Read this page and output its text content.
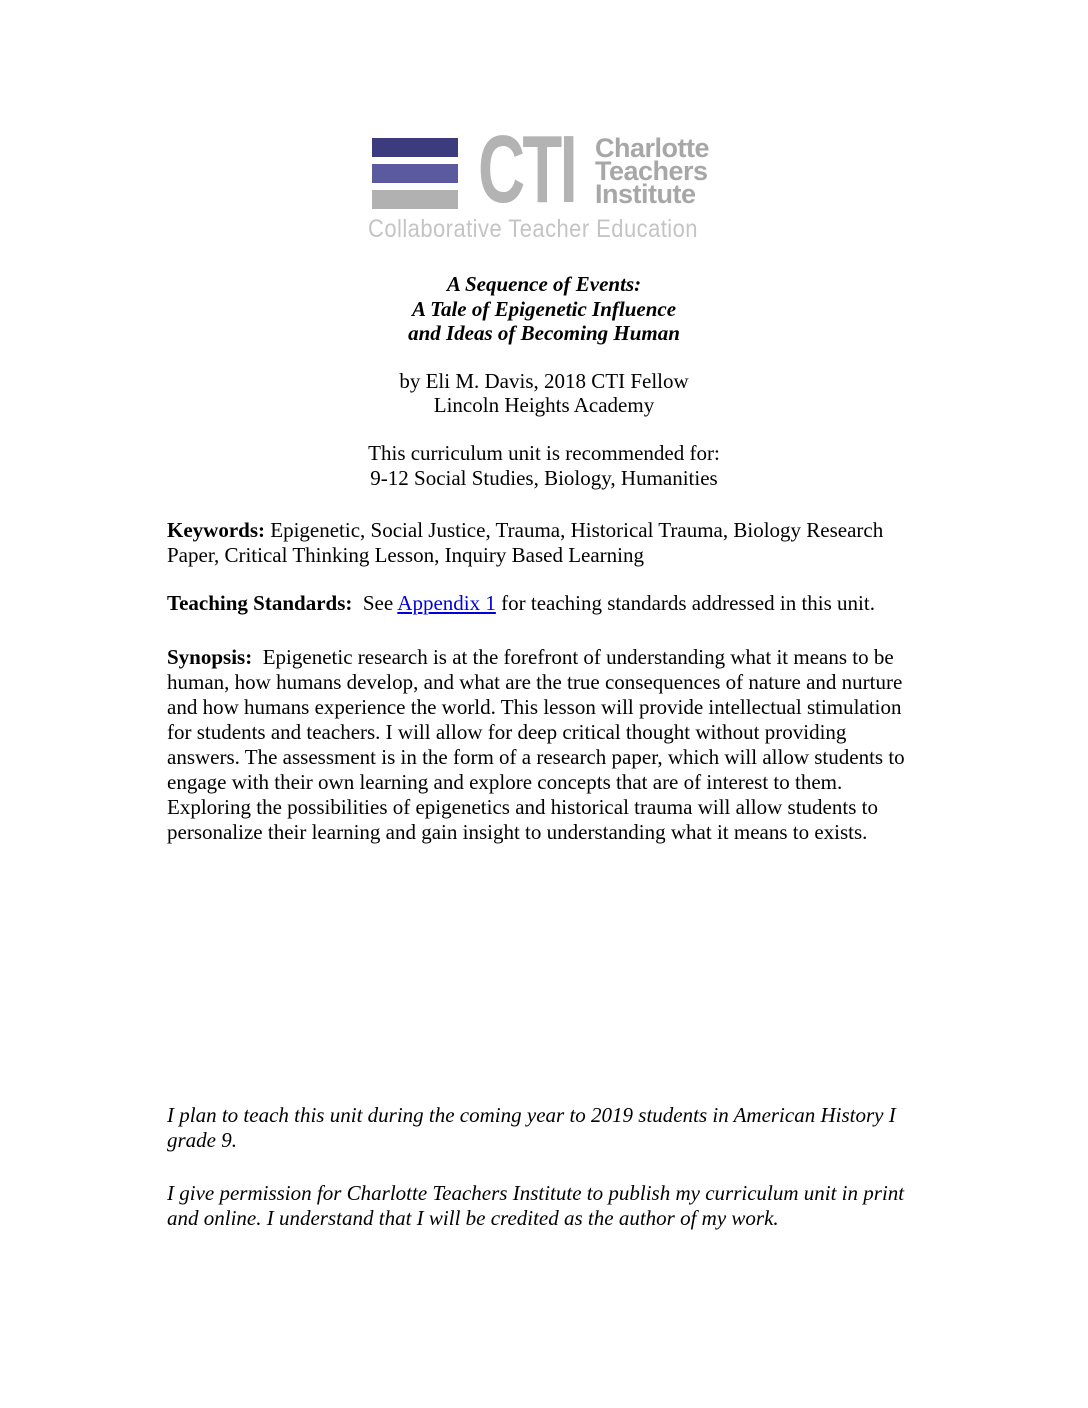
CTI Charlotte
Teachers
Institute
Collaborative Teacher Education
A Sequence of Events:
A Tale of Epigenetic Influence
and Ideas of Becoming Human
by Eli M. Davis, 2018 CTI Fellow
Lincoln Heights Academy
This curriculum unit is recommended for:
9-12 Social Studies, Biology, Humanities

Keywords: Epigenetic, Social Justice, Trauma, Historical Trauma, Biology Research Paper, Critical Thinking Lesson, Inquiry Based Learning

Teaching Standards:  See Appendix 1 for teaching standards addressed in this unit.

Synopsis:  Epigenetic research is at the forefront of understanding what it means to be human, how humans develop, and what are the true consequences of nature and nurture and how humans experience the world. This lesson will provide intellectual stimulation for students and teachers. I will allow for deep critical thought without providing answers. The assessment is in the form of a research paper, which will allow students to engage with their own learning and explore concepts that are of interest to them. Exploring the possibilities of epigenetics and historical trauma will allow students to personalize their learning and gain insight to understanding what it means to exists.

I plan to teach this unit during the coming year to 2019 students in American History I grade 9.

I give permission for Charlotte Teachers Institute to publish my curriculum unit in print and online. I understand that I will be credited as the author of my work.
